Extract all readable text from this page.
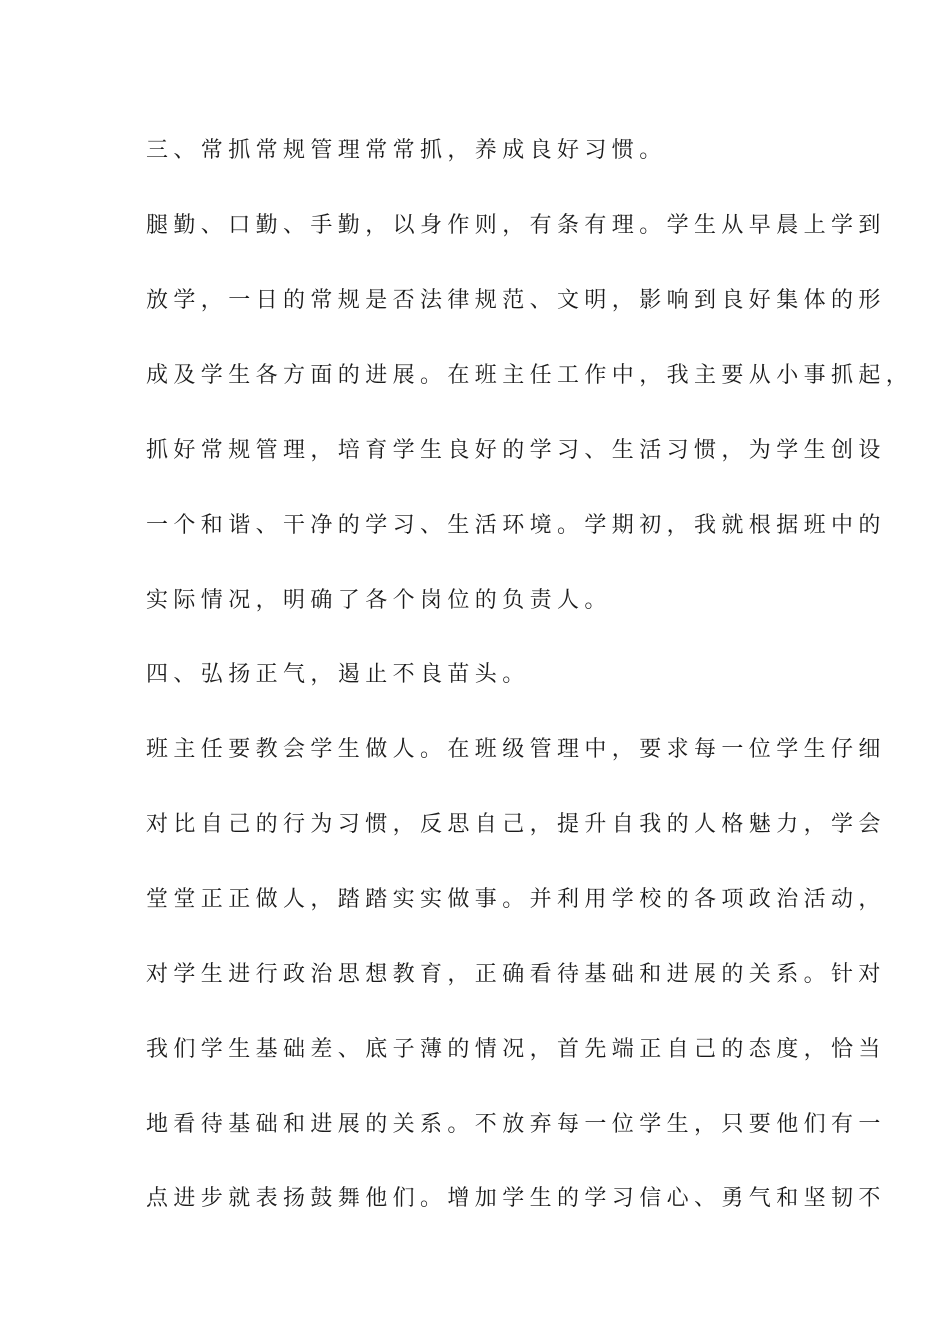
三、常抓常规管理常常抓，养成良好习惯。
腿勤、口勤、手勤，以身作则，有条有理。学生从早晨上学到
放学，一日的常规是否法律规范、文明，影响到良好集体的形
成及学生各方面的进展。在班主任工作中，我主要从小事抓起，
抓好常规管理，培育学生良好的学习、生活习惯，为学生创设
一个和谐、干净的学习、生活环境。学期初，我就根据班中的
实际情况，明确了各个岗位的负责人。
四、弘扬正气，遏止不良苗头。
班主任要教会学生做人。在班级管理中，要求每一位学生仔细
对比自己的行为习惯，反思自己，提升自我的人格魅力，学会
堂堂正正做人，踏踏实实做事。并利用学校的各项政治活动，
对学生进行政治思想教育，正确看待基础和进展的关系。针对
我们学生基础差、底子薄的情况，首先端正自己的态度，恰当
地看待基础和进展的关系。不放弃每一位学生，只要他们有一
点进步就表扬鼓舞他们。增加学生的学习信心、勇气和坚韧不
